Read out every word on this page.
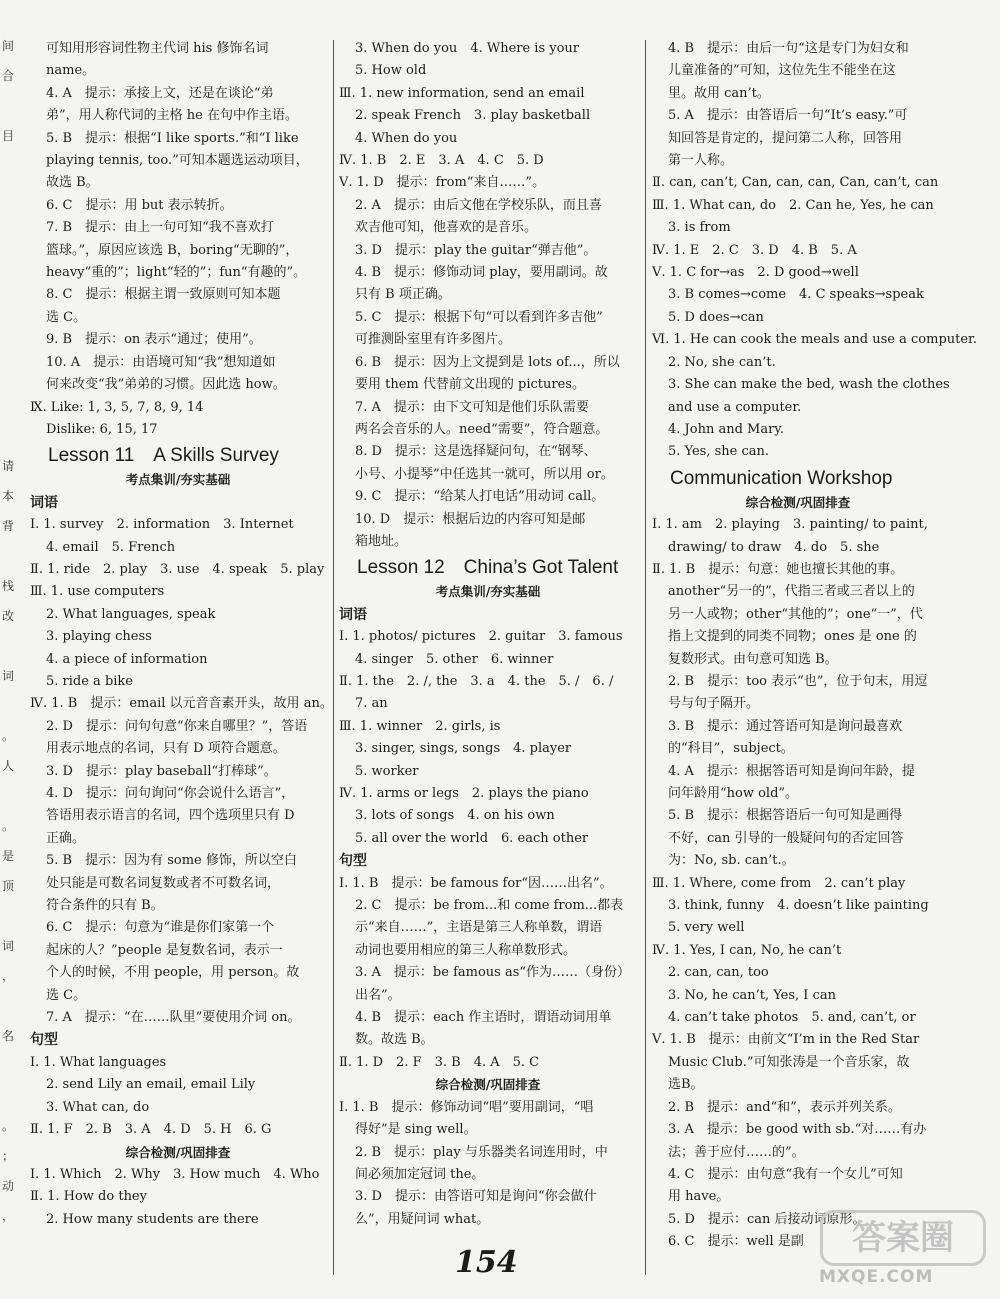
间
合
目
请
本
背
栈
改
词
。
人
。
是
顶
词
，
名
。
；
动
，
可知用形容词性物主代词 his 修饰名词
name。
4. A　提示：承接上文，还是在谈论“弟
弟”，用人称代词的主格 he 在句中作主语。
5. B　提示：根据“I like sports.”和“I like
playing tennis, too.”可知本题选运动项目，
故选 B。
6. C　提示：用 but 表示转折。
7. B　提示：由上一句可知“我不喜欢打
篮球。”，原因应该选 B，boring“无聊的”，
heavy“重的”；light“轻的”；fun“有趣的”。
8. C　提示：根据主谓一致原则可知本题
选 C。
9. B　提示：on 表示“通过；使用”。
10. A　提示：由语境可知“我”想知道如
何来改变“我”弟弟的习惯。因此选 how。
Ⅸ. Like: 1, 3, 5, 7, 8, 9, 14
Dislike: 6, 15, 17
Lesson 11　A Skills Survey
考点集训/夯实基础
词语
Ⅰ. 1. survey　2. information　3. Internet
4. email　5. French
Ⅱ. 1. ride　2. play　3. use　4. speak　5. play
Ⅲ. 1. use computers
2. What languages, speak
3. playing chess
4. a piece of information
5. ride a bike
Ⅳ. 1. B　提示：email 以元音音素开头，故用 an。
2. D　提示：问句句意“你来自哪里？”，答语
用表示地点的名词，只有 D 项符合题意。
3. D　提示：play baseball“打棒球”。
4. D　提示：问句询问“你会说什么语言”，
答语用表示语言的名词，四个选项里只有 D
正确。
5. B　提示：因为有 some 修饰，所以空白
处只能是可数名词复数或者不可数名词，
符合条件的只有 B。
6. C　提示：句意为“谁是你们家第一个
起床的人？”people 是复数名词，表示一
个人的时候，不用 people，用 person。故
选 C。
7. A　提示：“在……队里”要使用介词 on。
句型
Ⅰ. 1. What languages
2. send Lily an email, email Lily
3. What can, do
Ⅱ. 1. F　2. B　3. A　4. D　5. H　6. G
综合检测/巩固排查
Ⅰ. 1. Which　2. Why　3. How much　4. Who
Ⅱ. 1. How do they
2. How many students are there
3. When do you　4. Where is your
5. How old
Ⅲ. 1. new information, send an email
2. speak French　3. play basketball
4. When do you
Ⅳ. 1. B　2. E　3. A　4. C　5. D
Ⅴ. 1. D　提示：from“来自……”。
2. A　提示：由后文他在学校乐队，而且喜
欢吉他可知，他喜欢的是音乐。
3. D　提示：play the guitar“弹吉他”。
4. B　提示：修饰动词 play，要用副词。故
只有 B 项正确。
5. C　提示：根据下句“可以看到许多吉他”
可推测卧室里有许多图片。
6. B　提示：因为上文提到是 lots of...，所以
要用 them 代替前文出现的 pictures。
7. A　提示：由下文可知是他们乐队需要
两名会音乐的人。need“需要”，符合题意。
8. D　提示：这是选择疑问句，在“钢琴、
小号、小提琴”中任选其一就可，所以用 or。
9. C　提示：“给某人打电话”用动词 call。
10. D　提示：根据后边的内容可知是邮
箱地址。
Lesson 12　China’s Got Talent
考点集训/夯实基础
词语
Ⅰ. 1. photos/ pictures　2. guitar　3. famous
4. singer　5. other　6. winner
Ⅱ. 1. the　2. /, the　3. a　4. the　5. /　6. /
7. an
Ⅲ. 1. winner　2. girls, is
3. singer, sings, songs　4. player
5. worker
Ⅳ. 1. arms or legs　2. plays the piano
3. lots of songs　4. on his own
5. all over the world　6. each other
句型
Ⅰ. 1. B　提示：be famous for“因……出名”。
2. C　提示：be from...和 come from...都表
示“来自……”，主语是第三人称单数，谓语
动词也要用相应的第三人称单数形式。
3. A　提示：be famous as“作为……（身份）
出名”。
4. B　提示：each 作主语时，谓语动词用单
数。故选 B。
Ⅱ. 1. D　2. F　3. B　4. A　5. C
综合检测/巩固排查
Ⅰ. 1. B　提示：修饰动词“唱”要用副词，“唱
得好”是 sing well。
2. B　提示：play 与乐器类名词连用时，中
间必须加定冠词 the。
3. D　提示：由答语可知是询问“你会做什
么”，用疑问词 what。
4. B　提示：由后一句“这是专门为妇女和
儿童准备的”可知，这位先生不能坐在这
里。故用 can’t。
5. A　提示：由答语后一句“It’s easy.”可
知回答是肯定的，提问第二人称，回答用
第一人称。
Ⅱ. can, can’t, Can, can, can, Can, can’t, can
Ⅲ. 1. What can, do　2. Can he, Yes, he can
3. is from
Ⅳ. 1. E　2. C　3. D　4. B　5. A
Ⅴ. 1. C for→as　2. D good→well
3. B comes→come　4. C speaks→speak
5. D does→can
Ⅵ. 1. He can cook the meals and use a computer.
2. No, she can’t.
3. She can make the bed, wash the clothes
and use a computer.
4. John and Mary.
5. Yes, she can.
Communication Workshop
综合检测/巩固排查
Ⅰ. 1. am　2. playing　3. painting/ to paint,
drawing/ to draw　4. do　5. she
Ⅱ. 1. B　提示：句意：她也擅长其他的事。
another“另一的”，代指三者或三者以上的
另一人或物；other“其他的”；one“一”，代
指上文提到的同类不同物；ones 是 one 的
复数形式。由句意可知选 B。
2. B　提示：too 表示“也”，位于句末，用逗
号与句子隔开。
3. B　提示：通过答语可知是询问最喜欢
的“科目”，subject。
4. A　提示：根据答语可知是询问年龄，提
问年龄用“how old”。
5. B　提示：根据答语后一句可知是画得
不好，can 引导的一般疑问句的否定回答
为：No, sb. can’t.。
Ⅲ. 1. Where, come from　2. can’t play
3. think, funny　4. doesn’t like painting
5. very well
Ⅳ. 1. Yes, I can, No, he can’t
2. can, can, too
3. No, he can’t, Yes, I can
4. can’t take photos　5. and, can’t, or
Ⅴ. 1. B　提示：由前文“I’m in the Red Star
Music Club.”可知张涛是一个音乐家，故
选B。
2. B　提示：and“和”，表示并列关系。
3. A　提示：be good with sb.“对……有办
法；善于应付……的”。
4. C　提示：由句意“我有一个女儿”可知
用 have。
5. D　提示：can 后接动词原形。
6. C　提示：well 是副
154
答案圈
MXQE.COM
